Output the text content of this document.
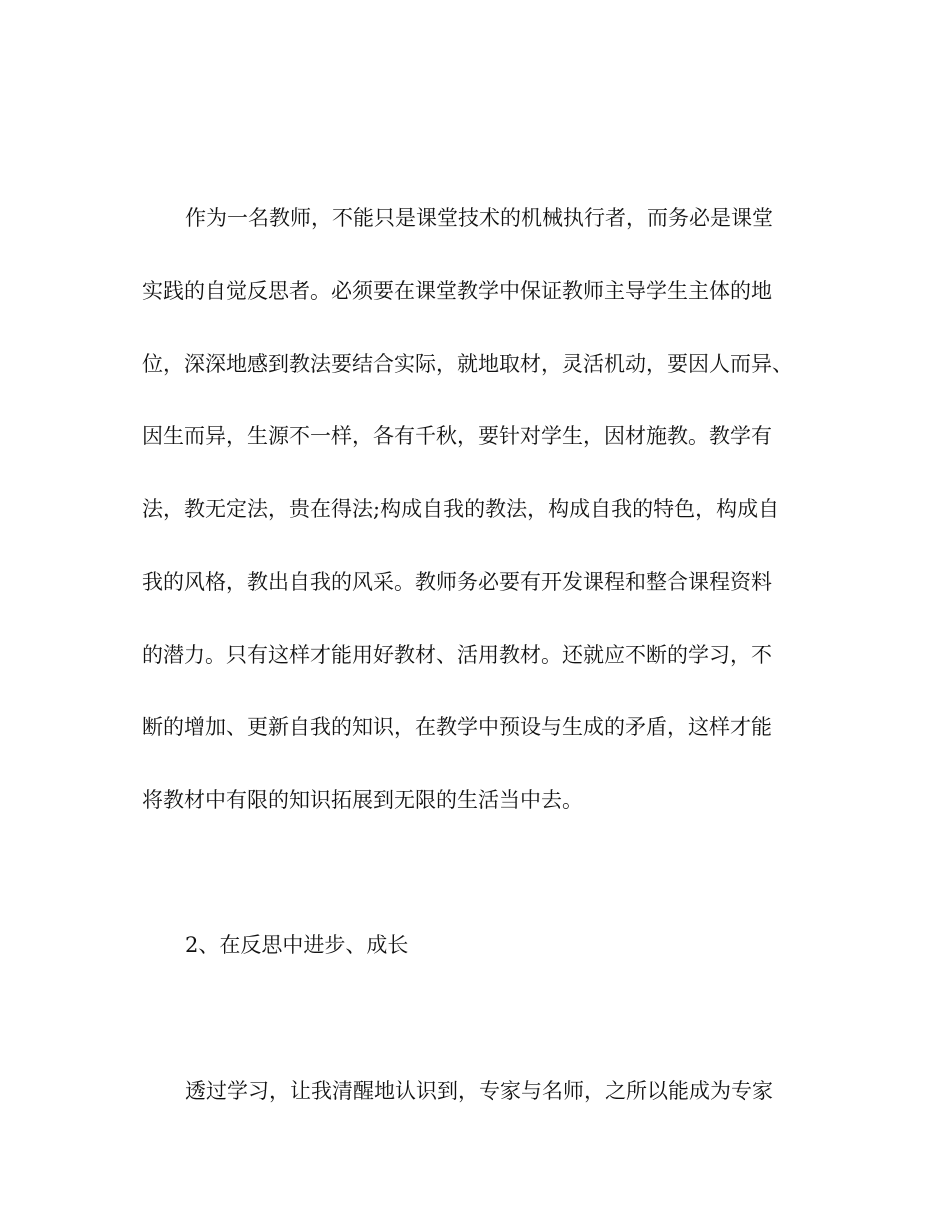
作为一名教师，不能只是课堂技术的机械执行者，而务必是课堂
实践的自觉反思者。必须要在课堂教学中保证教师主导学生主体的地
位，深深地感到教法要结合实际，就地取材，灵活机动，要因人而异、
因生而异，生源不一样，各有千秋，要针对学生，因材施教。教学有
法，教无定法，贵在得法;构成自我的教法，构成自我的特色，构成自
我的风格，教出自我的风采。教师务必要有开发课程和整合课程资料
的潜力。只有这样才能用好教材、活用教材。还就应不断的学习，不
断的增加、更新自我的知识，在教学中预设与生成的矛盾，这样才能
将教材中有限的知识拓展到无限的生活当中去。
2、在反思中进步、成长
透过学习，让我清醒地认识到，专家与名师，之所以能成为专家
